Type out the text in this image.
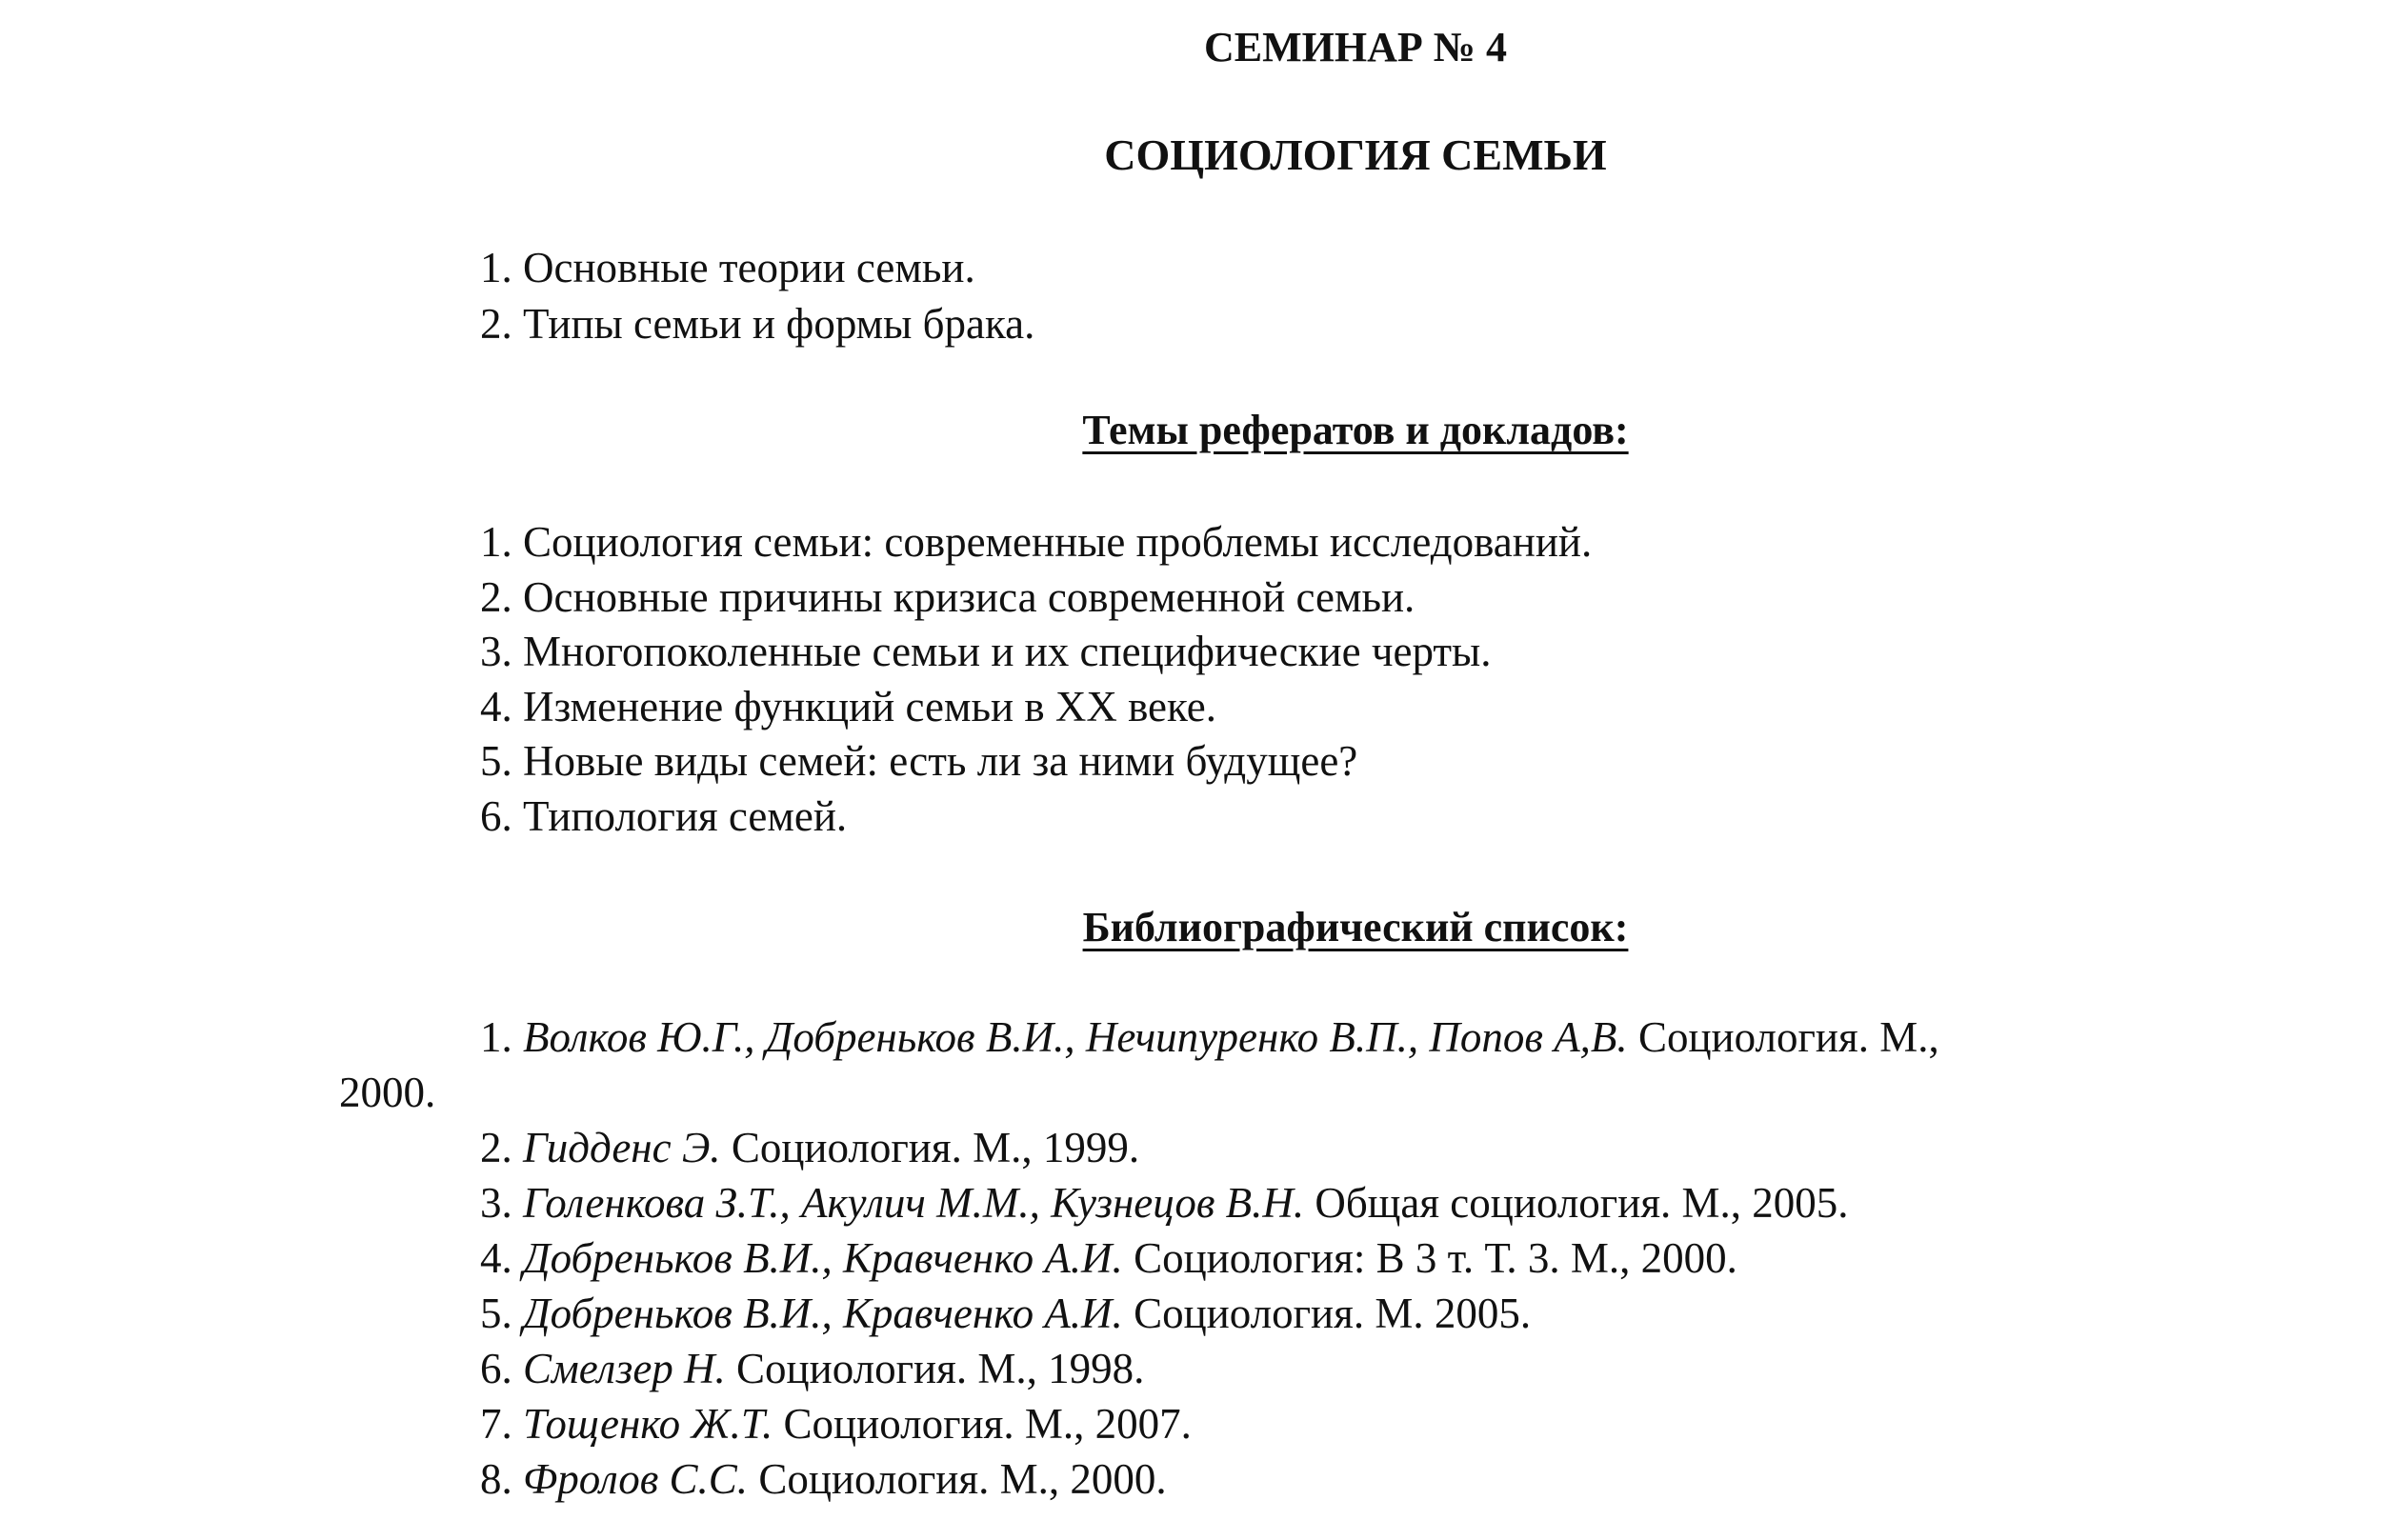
СЕМИНАР № 4
СОЦИОЛОГИЯ СЕМЬИ
1. Основные теории семьи.
2. Типы семьи и формы брака.
Темы рефератов и докладов:
1. Социология семьи: современные проблемы исследований.
2. Основные причины кризиса современной семьи.
3. Многопоколенные семьи и их специфические черты.
4. Изменение функций семьи в XX веке.
5. Новые виды семей: есть ли за ними будущее?
6. Типология семей.
Библиографический список:
1. Волков Ю.Г., Добреньков В.И., Нечипуренко В.П., Попов А,В. Социология. М.,
2000.
2. Гидденс Э. Социология. М., 1999.
3. Голенкова З.Т., Акулич М.М., Кузнецов В.Н. Общая социология. М., 2005.
4. Добреньков В.И., Кравченко А.И. Социология: В 3 т. Т. 3. М., 2000.
5. Добреньков В.И., Кравченко А.И. Социология. М. 2005.
6. Смелзер Н. Социология. М., 1998.
7. Тощенко Ж.Т. Социология. М., 2007.
8. Фролов С.С. Социология. М., 2000.
